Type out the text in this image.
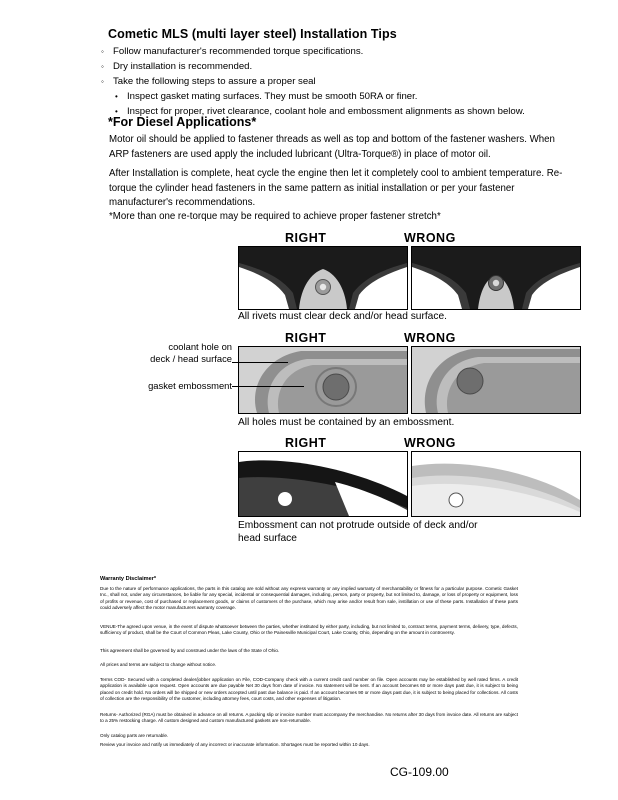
Cometic MLS (multi layer steel) Installation Tips
◦ Follow manufacturer's recommended torque specifications.
◦ Dry installation is recommended.
◦ Take the following steps to assure a proper seal
• Inspect gasket mating surfaces. They must be smooth 50RA or finer.
• Inspect for proper, rivet clearance, coolant hole and embossment alignments as shown below.
*For Diesel Applications*
Motor oil should be applied to fastener threads as well as top and bottom of the fastener washers. When ARP fasteners are used apply the included lubricant (Ultra-Torque®) in place of motor oil.
After Installation is complete, heat cycle the engine then let it completely cool to ambient temperature. Re-torque the cylinder head fasteners in the same pattern as initial installation or per your fastener manufacturer's recommendations.
*More than one re-torque may be required to achieve proper fastener stretch*
RIGHT	WRONG
All rivets must clear deck and/or head surface.
RIGHT	WRONG
All holes must be contained by an embossment.
coolant hole on
deck / head surface
gasket embossment
RIGHT	WRONG
Embossment can not protrude outside of deck and/or head surface
Warranty Disclaimer*
Due to the nature of performance applications, the parts in this catalog are sold without any express warranty or any implied warranty of merchantability or fitness for a particular purpose. Cometic Gasket Inc., shall not, under any circumstances, be liable for any special, incidental or consequential damages, including, person, party or property, but not limited to, damage, or loss of property or equipment, loss of profits or revenue, cost of purchased or replacement goods, or claims of customers of the purchase, which may arise and/or result from sale, instillation or use of these parts. Installation of these parts could adversely affect the motor manufacturers warranty coverage.
VENUE-The agreed upon venue, in the event of dispute whatsoever between the parties, whether instituted by either party, including, but not limited to, contract terms, payment terms, delivery, type, defects, sufficiency of product, shall be the Court of Common Pleas, Lake County, Ohio or the Painesville Municipal Court, Lake County, Ohio, depending on the amount in controversy.
This agreement shall be governed by and construed under the laws of the State of Ohio.
All prices and terms are subject to change without notice.
Terms COD- Secured with a completed dealer/jobber application on File, COD-Company check with a current credit card number on file. Open accounts may be established by well rated firms. A credit application is available upon request. Open accounts are due payable Net 30 days from date of invoice. No statement will be sent. If an account becomes 60 or more days past due, it is subject to being placed on credit hold. No orders will be shipped or new orders accepted until past due balance is paid. If an account becomes 90 or more days past due, it is subject to being placed for collections. All costs of collection are the responsibility of the customer, including attorney fees, court costs, and other expenses of litigation.
Returns- Authorized (RGA) must be obtained in advance on all returns. A packing slip or invoice number must accompany the merchandise. No returns after 30 days from invoice date. All returns are subject to a 25% restocking charge. All custom designed and custom manufactured gaskets are non-returnable.
Only catalog parts are returnable.
Review your invoice and notify us immediately of any incorrect or inaccurate information. Shortages must be reported within 10 days.
CG-109.00
